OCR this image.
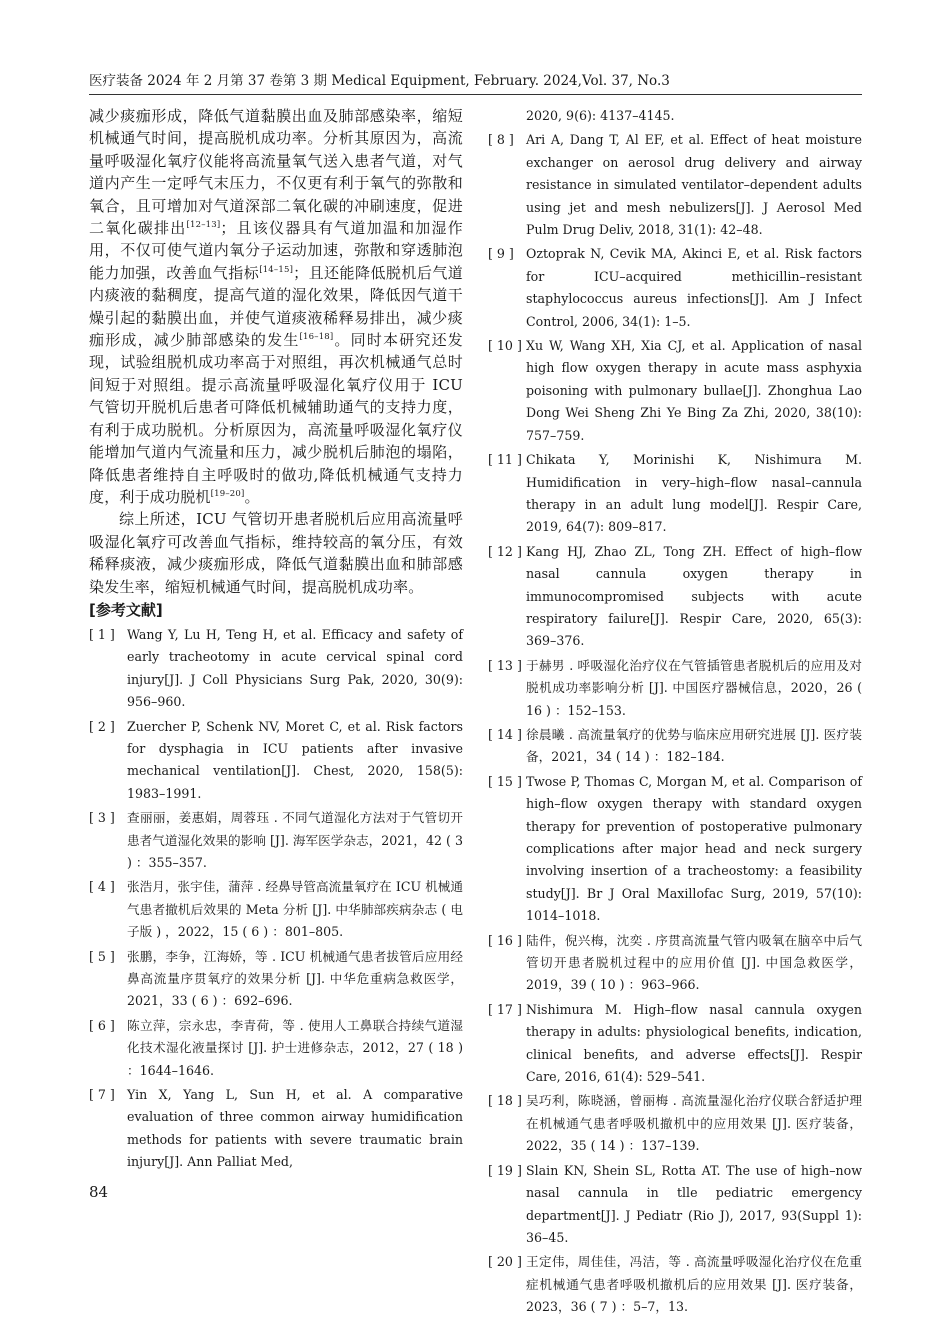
医疗装备 2024 年 2 月第 37 卷第 3 期 Medical Equipment, February. 2024,Vol. 37, No.3
减少痰痂形成，降低气道黏膜出血及肺部感染率，缩短机械通气时间，提高脱机成功率。分析其原因为，高流量呼吸湿化氧疗仪能将高流量氧气送入患者气道，对气道内产生一定呼气末压力，不仅更有利于氧气的弥散和氧合，且可增加对气道深部二氧化碳的冲刷速度，促进二氧化碳排出[12–13]；且该仪器具有气道加温和加湿作用，不仅可使气道内氧分子运动加速，弥散和穿透肺泡能力加强，改善血气指标[14–15]；且还能降低脱机后气道内痰液的黏稠度，提高气道的湿化效果，降低因气道干燥引起的黏膜出血，并使气道痰液稀释易排出，减少痰痂形成，减少肺部感染的发生[16–18]。同时本研究还发现，试验组脱机成功率高于对照组，再次机械通气总时间短于对照组。提示高流量呼吸湿化氧疗仪用于 ICU 气管切开脱机后患者可降低机械辅助通气的支持力度，有利于成功脱机。分析原因为，高流量呼吸湿化氧疗仪能增加气道内气流量和压力，减少脱机后肺泡的塌陷，降低患者维持自主呼吸时的做功,降低机械通气支持力度，利于成功脱机[19–20]。
综上所述，ICU 气管切开患者脱机后应用高流量呼吸湿化氧疗可改善血气指标，维持较高的氧分压，有效稀释痰液，减少痰痂形成，降低气道黏膜出血和肺部感染发生率，缩短机械通气时间，提高脱机成功率。
[参考文献]
[ 1 ] Wang Y, Lu H, Teng H, et al. Efficacy and safety of early tracheotomy in acute cervical spinal cord injury[J]. J Coll Physicians Surg Pak, 2020, 30(9): 956–960.
[ 2 ] Zuercher P, Schenk NV, Moret C, et al. Risk factors for dysphagia in ICU patients after invasive mechanical ventilation[J]. Chest, 2020, 158(5): 1983–1991.
[ 3 ] 查丽丽，姜惠娟，周蓉珏 . 不同气道湿化方法对于气管切开患者气道湿化效果的影响 [J]. 海军医学杂志，2021，42 ( 3 ) ：355–357.
[ 4 ] 张浩月，张宇佳，蒲萍 . 经鼻导管高流量氧疗在 ICU 机械通气患者撤机后效果的 Meta 分析 [J]. 中华肺部疾病杂志 ( 电子版 ) ，2022，15 ( 6 ) ：801–805.
[ 5 ] 张鹏，李争，江海娇，等 . ICU 机械通气患者拔管后应用经鼻高流量序贯氧疗的效果分析 [J]. 中华危重病急救医学，2021，33 ( 6 ) ：692–696.
[ 6 ] 陈立萍，宗永忠，李青荷，等 . 使用人工鼻联合持续气道湿化技术湿化液量探讨 [J]. 护士进修杂志，2012，27 ( 18 ) ：1644–1646.
[ 7 ] Yin X, Yang L, Sun H, et al. A comparative evaluation of three common airway humidification methods for patients with severe traumatic brain injury[J]. Ann Palliat Med,
2020, 9(6): 4137–4145.
[ 8 ] Ari A, Dang T, Al EF, et al. Effect of heat moisture exchanger on aerosol drug delivery and airway resistance in simulated ventilator–dependent adults using jet and mesh nebulizers[J]. J Aerosol Med Pulm Drug Deliv, 2018, 31(1): 42–48.
[ 9 ] Oztoprak N, Cevik MA, Akinci E, et al. Risk factors for ICU–acquired methicillin–resistant staphylococcus aureus infections[J]. Am J Infect Control, 2006, 34(1): 1–5.
[ 10 ] Xu W, Wang XH, Xia CJ, et al. Application of nasal high flow oxygen therapy in acute mass asphyxia poisoning with pulmonary bullae[J]. Zhonghua Lao Dong Wei Sheng Zhi Ye Bing Za Zhi, 2020, 38(10): 757–759.
[ 11 ] Chikata Y, Morinishi K, Nishimura M. Humidification in very–high–flow nasal–cannula therapy in an adult lung model[J]. Respir Care, 2019, 64(7): 809–817.
[ 12 ] Kang HJ, Zhao ZL, Tong ZH. Effect of high–flow nasal cannula oxygen therapy in immunocompromised subjects with acute respiratory failure[J]. Respir Care, 2020, 65(3): 369–376.
[ 13 ] 于赫男 . 呼吸湿化治疗仪在气管插管患者脱机后的应用及对脱机成功率影响分析 [J]. 中国医疗器械信息，2020，26 ( 16 ) ：152–153.
[ 14 ] 徐晨曦 . 高流量氧疗的优势与临床应用研究进展 [J]. 医疗装备，2021，34 ( 14 ) ：182–184.
[ 15 ] Twose P, Thomas C, Morgan M, et al. Comparison of high–flow oxygen therapy with standard oxygen therapy for prevention of postoperative pulmonary complications after major head and neck surgery involving insertion of a tracheostomy: a feasibility study[J]. Br J Oral Maxillofac Surg, 2019, 57(10): 1014–1018.
[ 16 ] 陆件，倪兴梅，沈奕 . 序贯高流量气管内吸氧在脑卒中后气管切开患者脱机过程中的应用价值 [J]. 中国急救医学，2019，39 ( 10 ) ：963–966.
[ 17 ] Nishimura M. High–flow nasal cannula oxygen therapy in adults: physiological benefits, indication, clinical benefits, and adverse effects[J]. Respir Care, 2016, 61(4): 529–541.
[ 18 ] 吴巧利，陈晓涵，曾丽梅 . 高流量湿化治疗仪联合舒适护理在机械通气患者呼吸机撤机中的应用效果 [J]. 医疗装备，2022，35 ( 14 ) ：137–139.
[ 19 ] Slain KN, Shein SL, Rotta AT. The use of high–now nasal cannula in tlle pediatric emergency department[J]. J Pediatr (Rio J), 2017, 93(Suppl 1): 36–45.
[ 20 ] 王定伟，周佳佳，冯洁，等 . 高流量呼吸湿化治疗仪在危重症机械通气患者呼吸机撤机后的应用效果 [J]. 医疗装备，2023，36 ( 7 ) ：5–7，13.
84
